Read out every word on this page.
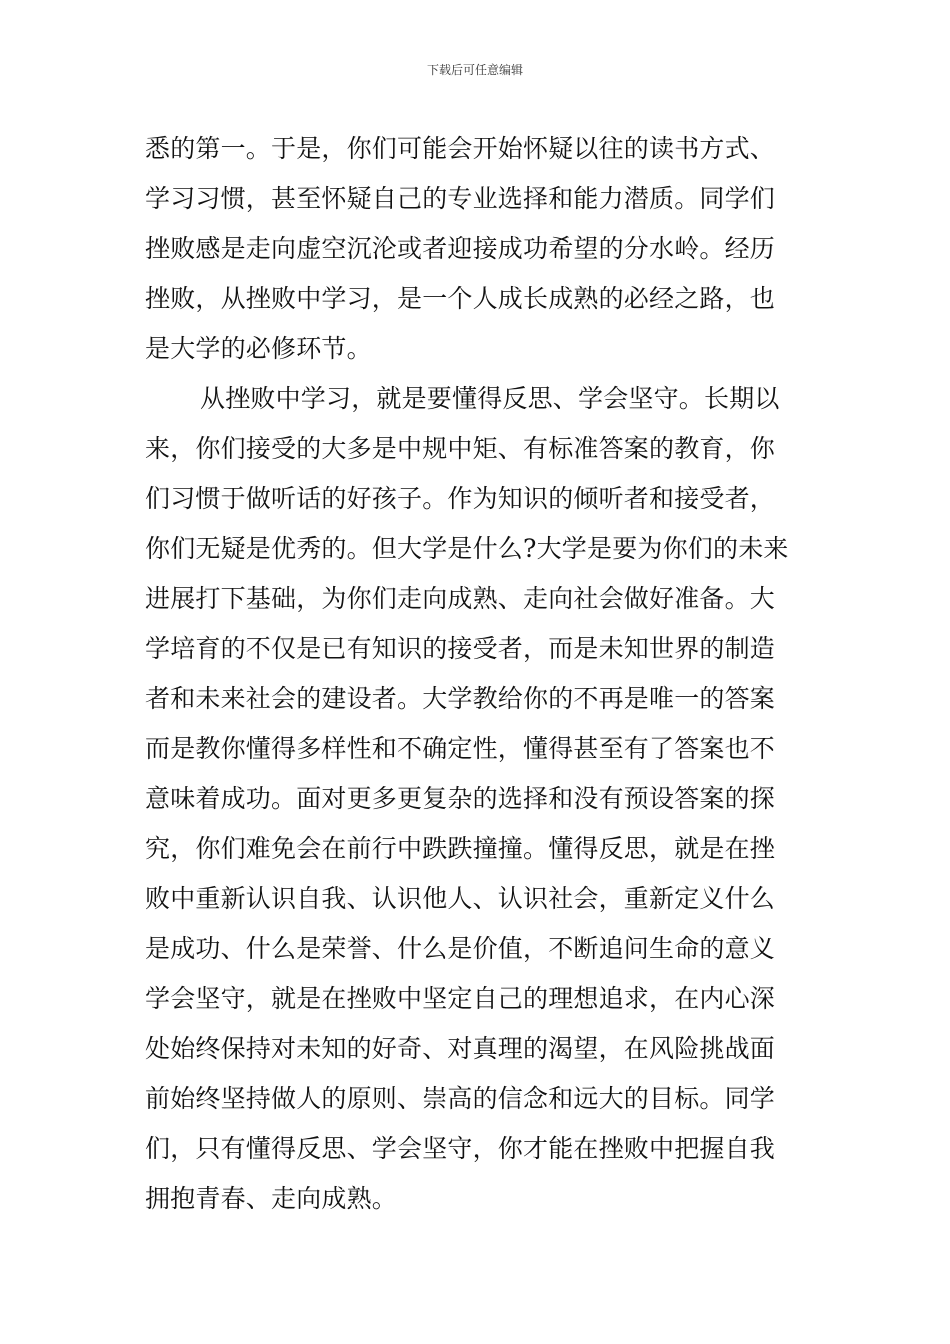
下载后可任意编辑
悉的第一。于是，你们可能会开始怀疑以往的读书方式、
学习习惯，甚至怀疑自己的专业选择和能力潜质。同学们
挫败感是走向虚空沉沦或者迎接成功希望的分水岭。经历
挫败，从挫败中学习，是一个人成长成熟的必经之路，也
是大学的必修环节。
从挫败中学习，就是要懂得反思、学会坚守。长期以
来，你们接受的大多是中规中矩、有标准答案的教育，你
们习惯于做听话的好孩子。作为知识的倾听者和接受者，
你们无疑是优秀的。但大学是什么?大学是要为你们的未来
进展打下基础，为你们走向成熟、走向社会做好准备。大
学培育的不仅是已有知识的接受者，而是未知世界的制造
者和未来社会的建设者。大学教给你的不再是唯一的答案
而是教你懂得多样性和不确定性，懂得甚至有了答案也不
意味着成功。面对更多更复杂的选择和没有预设答案的探
究，你们难免会在前行中跌跌撞撞。懂得反思，就是在挫
败中重新认识自我、认识他人、认识社会，重新定义什么
是成功、什么是荣誉、什么是价值，不断追问生命的意义
学会坚守，就是在挫败中坚定自己的理想追求，在内心深
处始终保持对未知的好奇、对真理的渴望，在风险挑战面
前始终坚持做人的原则、崇高的信念和远大的目标。同学
们，只有懂得反思、学会坚守，你才能在挫败中把握自我
拥抱青春、走向成熟。
